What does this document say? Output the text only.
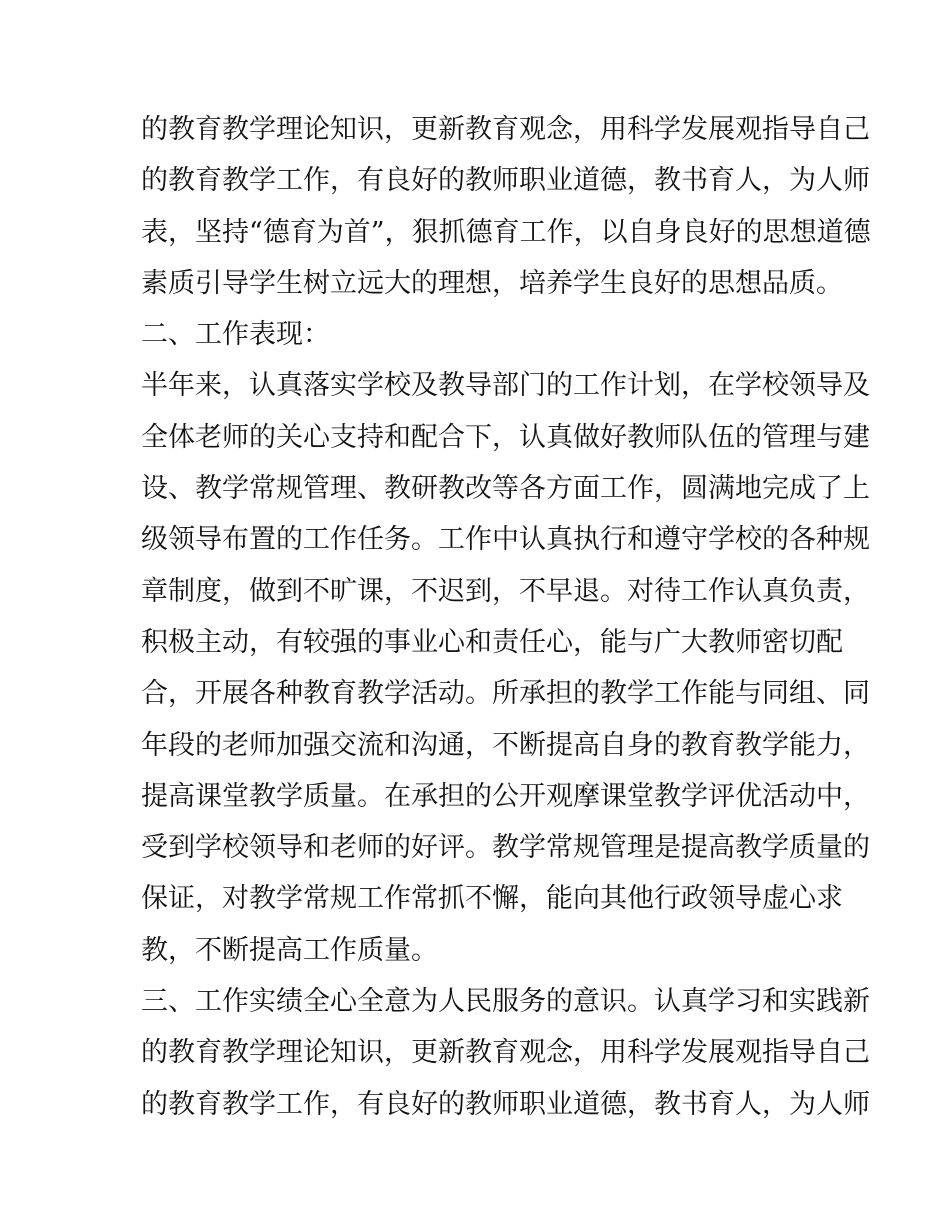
的教育教学理论知识，更新教育观念，用科学发展观指导自己
的教育教学工作，有良好的教师职业道德，教书育人，为人师
表，坚持“德育为首”，狠抓德育工作，以自身良好的思想道德
素质引导学生树立远大的理想，培养学生良好的思想品质。
二、工作表现：
半年来，认真落实学校及教导部门的工作计划，在学校领导及
全体老师的关心支持和配合下，认真做好教师队伍的管理与建
设、教学常规管理、教研教改等各方面工作，圆满地完成了上
级领导布置的工作任务。工作中认真执行和遵守学校的各种规
章制度，做到不旷课，不迟到，不早退。对待工作认真负责，
积极主动，有较强的事业心和责任心，能与广大教师密切配
合，开展各种教育教学活动。所承担的教学工作能与同组、同
年段的老师加强交流和沟通，不断提高自身的教育教学能力，
提高课堂教学质量。在承担的公开观摩课堂教学评优活动中，
受到学校领导和老师的好评。教学常规管理是提高教学质量的
保证，对教学常规工作常抓不懈，能向其他行政领导虚心求
教，不断提高工作质量。
三、工作实绩全心全意为人民服务的意识。认真学习和实践新
的教育教学理论知识，更新教育观念，用科学发展观指导自己
的教育教学工作，有良好的教师职业道德，教书育人，为人师
